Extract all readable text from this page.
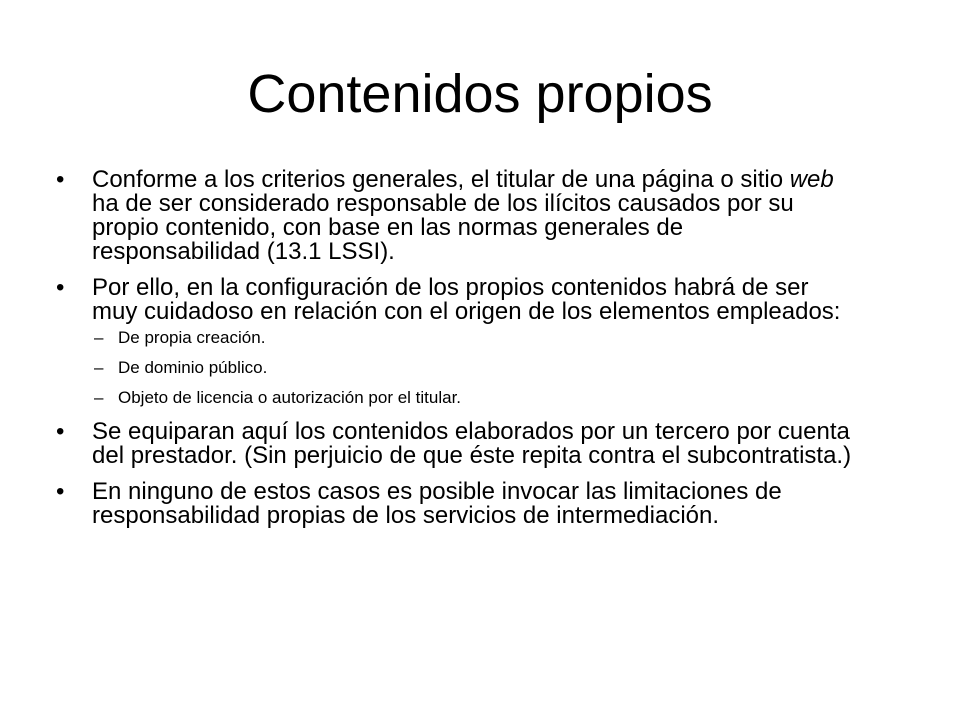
Contenidos propios
• Conforme a los criterios generales, el titular de una página o sitio web ha de ser considerado responsable de los ilícitos causados por su propio contenido, con base en las normas generales de responsabilidad (13.1 LSSI).
• Por ello, en la configuración de los propios contenidos habrá de ser muy cuidadoso en relación con el origen de los elementos empleados:
– De propia creación.
– De dominio público.
– Objeto de licencia o autorización por el titular.
• Se equiparan aquí los contenidos elaborados por un tercero por cuenta del prestador. (Sin perjuicio de que éste repita contra el subcontratista.)
• En ninguno de estos casos es posible invocar las limitaciones de responsabilidad propias de los servicios de intermediación.
